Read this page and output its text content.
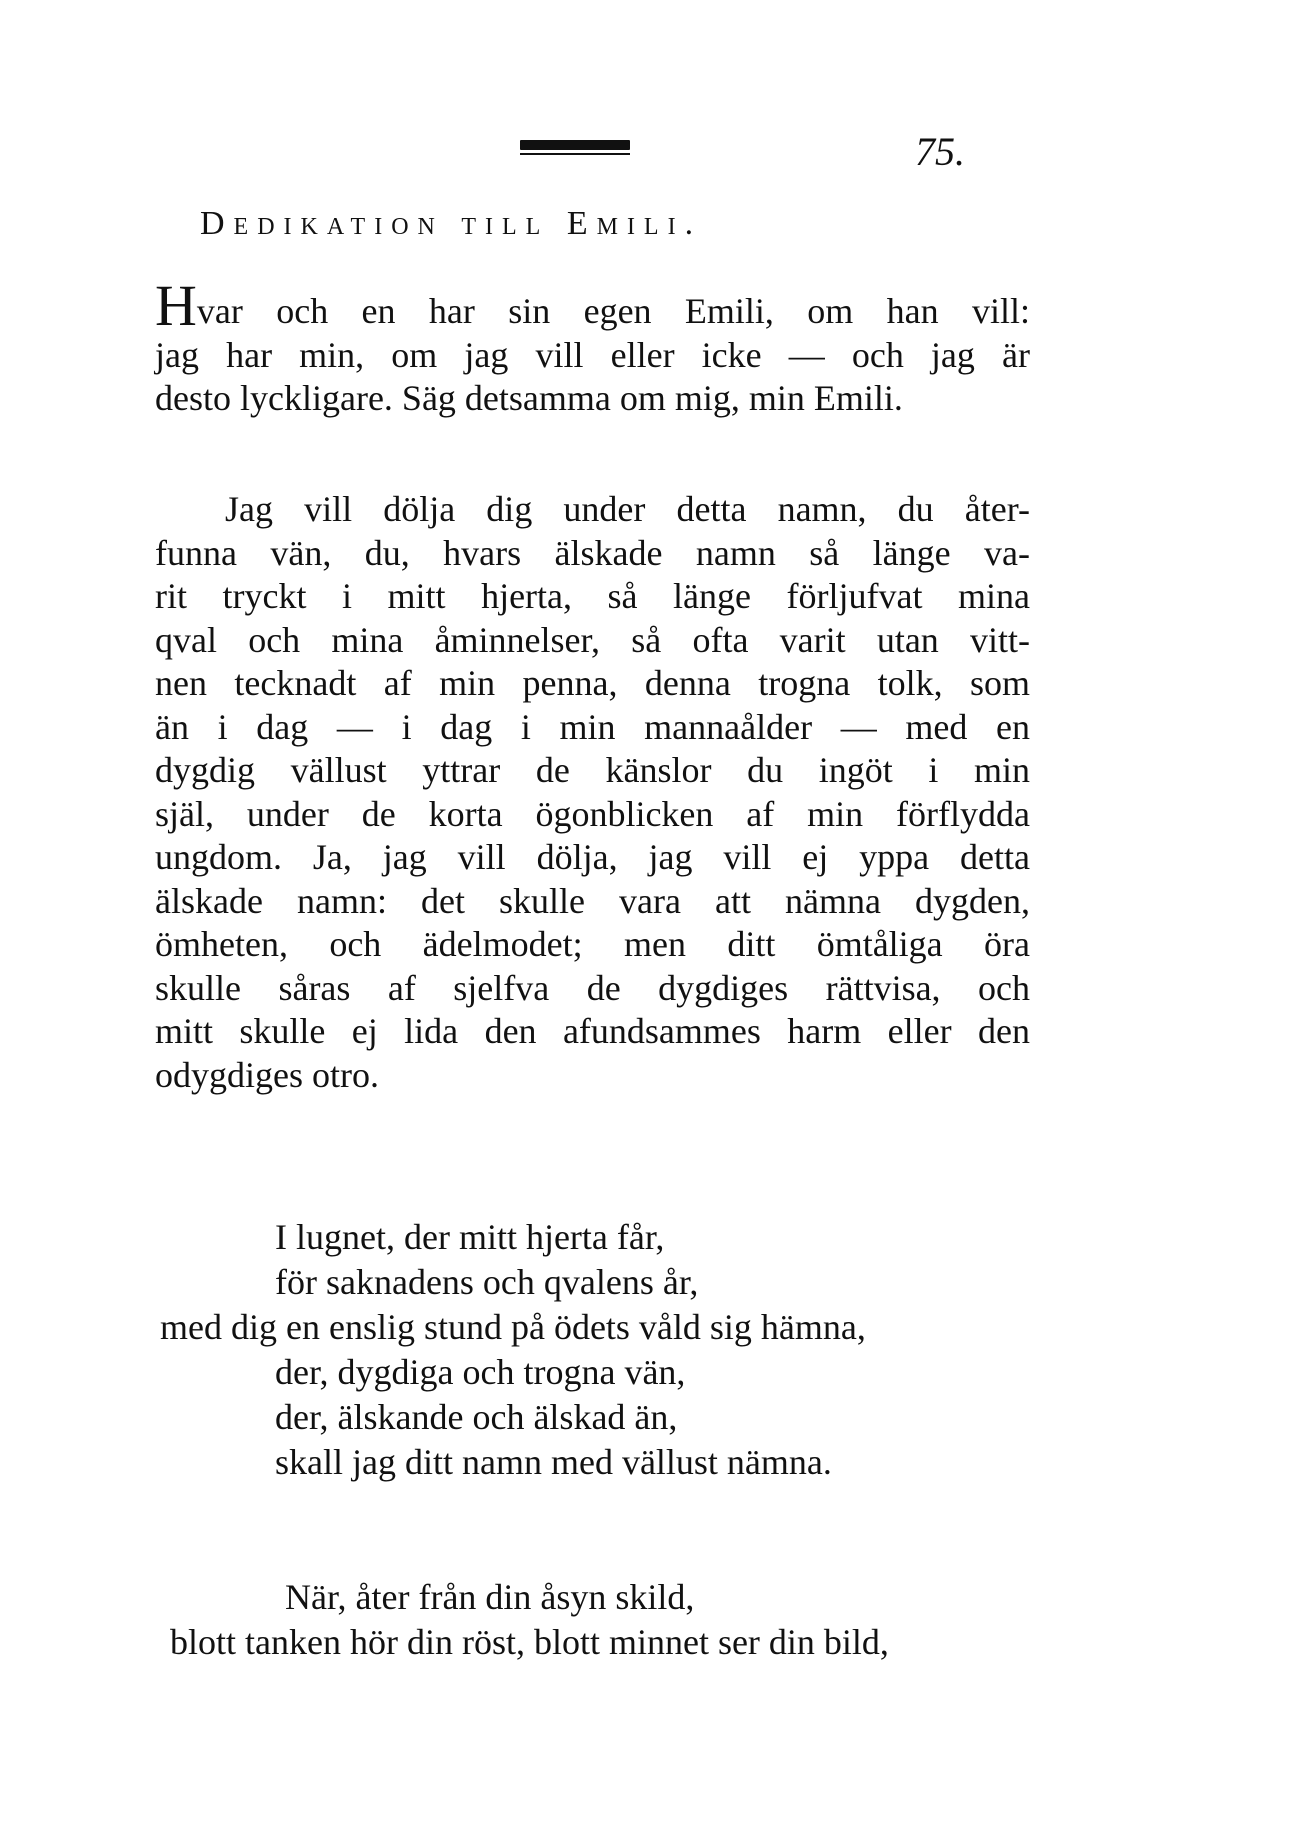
75.
Dedikation till Emili.
Hvar och en har sin egen Emili, om han vill:
jag har min, om jag vill eller icke — och jag är
desto lyckligare. Säg detsamma om mig, min Emili.
Jag vill dölja dig under detta namn, du åter-
funna vän, du, hvars älskade namn så länge va-
rit tryckt i mitt hjerta, så länge förljufvat mina
qval och mina åminnelser, så ofta varit utan vitt-
nen tecknadt af min penna, denna trogna tolk, som
än i dag — i dag i min mannaålder — med en
dygdig vällust yttrar de känslor du ingöt i min
själ, under de korta ögonblicken af min förflydda
ungdom. Ja, jag vill dölja, jag vill ej yppa detta
älskade namn: det skulle vara att nämna dygden,
ömheten, och ädelmodet; men ditt ömtåliga öra
skulle såras af sjelfva de dygdiges rättvisa, och
mitt skulle ej lida den afundsammes harm eller den
odygdiges otro.
I lugnet, der mitt hjerta får,
för saknadens och qvalens år,
med dig en enslig stund på ödets våld sig hämna,
der, dygdiga och trogna vän,
der, älskande och älskad än,
skall jag ditt namn med vällust nämna.
När, åter från din åsyn skild,
blott tanken hör din röst, blott minnet ser din bild,
